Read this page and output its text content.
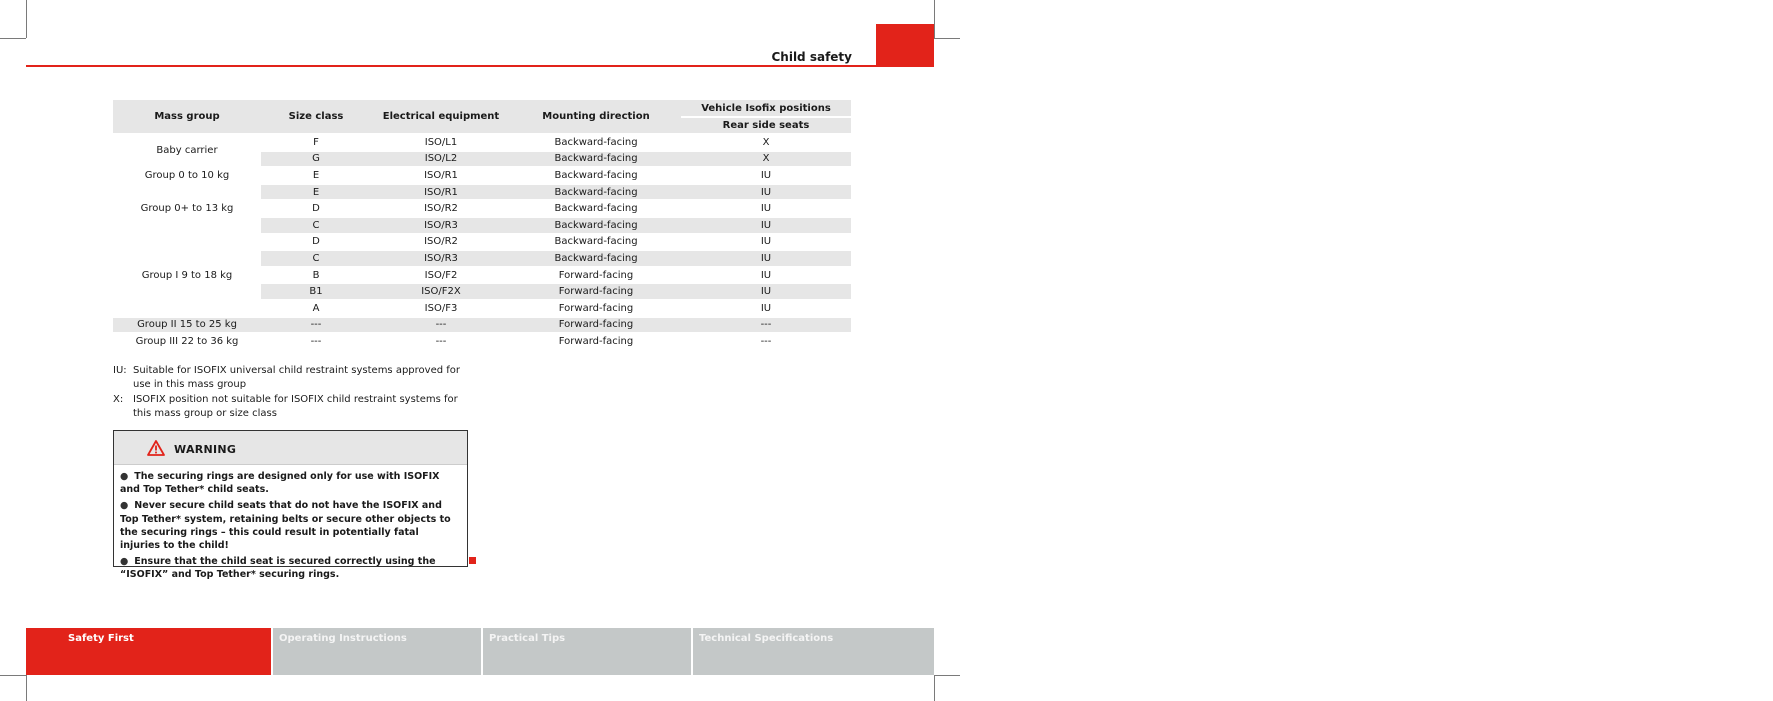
Child safety	53
Mass group	Size class	Electrical equipment	Mounting direction	Vehicle Isofix positions
				Rear side seats
Baby carrier	F	ISO/L1	Backward-facing	X
	G	ISO/L2	Backward-facing	X
Group 0 to 10 kg	E	ISO/R1	Backward-facing	IU
Group 0+ to 13 kg	E	ISO/R1	Backward-facing	IU
	D	ISO/R2	Backward-facing	IU
	C	ISO/R3	Backward-facing	IU
Group I 9 to 18 kg	D	ISO/R2	Backward-facing	IU
	C	ISO/R3	Backward-facing	IU
	B	ISO/F2	Forward-facing	IU
	B1	ISO/F2X	Forward-facing	IU
	A	ISO/F3	Forward-facing	IU
Group II 15 to 25 kg	---	---	Forward-facing	---
Group III 22 to 36 kg	---	---	Forward-facing	---
IU: Suitable for ISOFIX universal child restraint systems approved for use in this mass group
X: ISOFIX position not suitable for ISOFIX child restraint systems for this mass group or size class
WARNING
● The securing rings are designed only for use with ISOFIX and Top Tether* child seats.
● Never secure child seats that do not have the ISOFIX and Top Tether* system, retaining belts or secure other objects to the securing rings – this could result in potentially fatal injuries to the child!
● Ensure that the child seat is secured correctly using the “ISOFIX” and Top Tether* securing rings.
Safety First	Operating Instructions	Practical Tips	Technical Specifications
